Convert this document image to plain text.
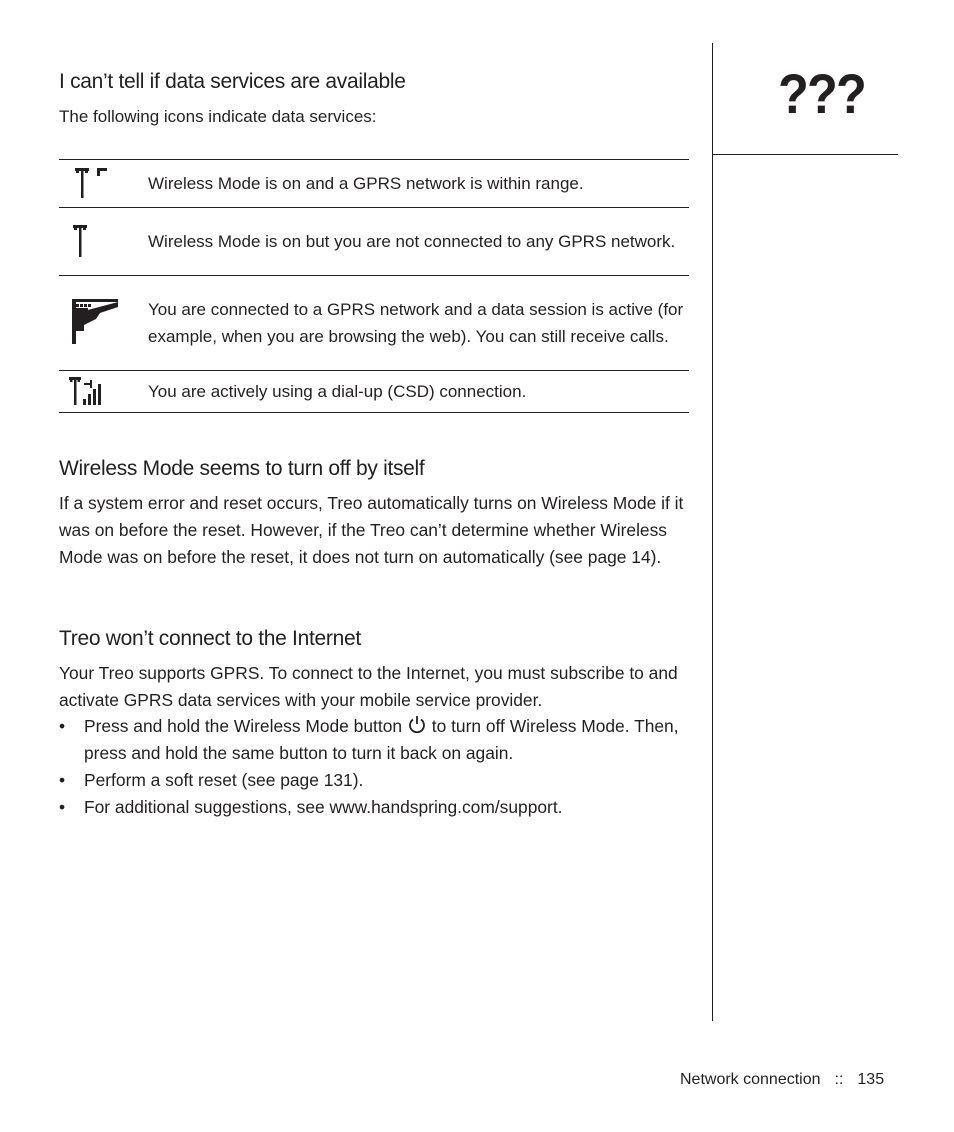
???
I can’t tell if data services are available
The following icons indicate data services:
	Wireless Mode is on and a GPRS network is within range.

	Wireless Mode is on but you are not connected to any GPRS network.

	You are connected to a GPRS network and a data session is active (for example, when you are browsing the web). You can still receive calls.

	You are actively using a dial-up (CSD) connection.
Wireless Mode seems to turn off by itself
If a system error and reset occurs, Treo automatically turns on Wireless Mode if it was on before the reset. However, if the Treo can’t determine whether Wireless Mode was on before the reset, it does not turn on automatically (see page 14).
Treo won’t connect to the Internet
Your Treo supports GPRS. To connect to the Internet, you must subscribe to and activate GPRS data services with your mobile service provider.
• Press and hold the Wireless Mode button to turn off Wireless Mode. Then, press and hold the same button to turn it back on again.
• Perform a soft reset (see page 131).
• For additional suggestions, see www.handspring.com/support.
Network connection :: 135
